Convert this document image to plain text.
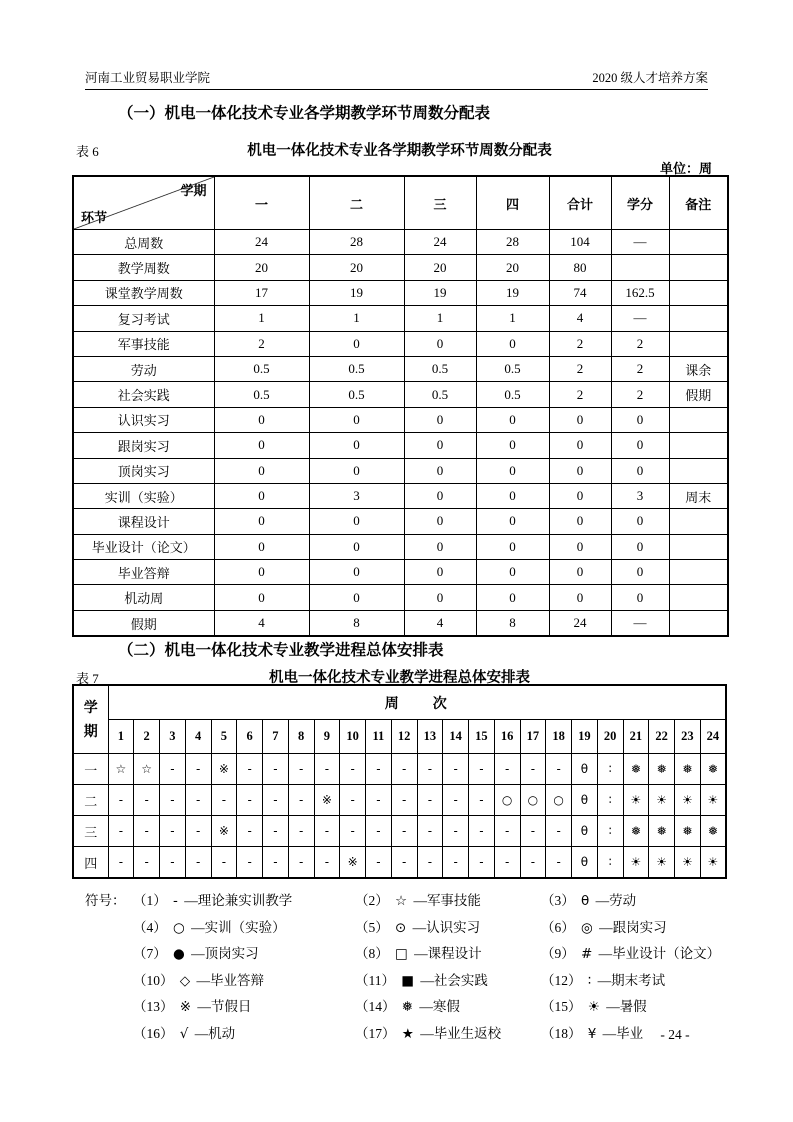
河南工业贸易职业学院	2020 级人才培养方案
（一）机电一体化技术专业各学期教学环节周数分配表
表 6	机电一体化技术专业各学期教学环节周数分配表
单位：周
学期
环节	一	二	三	四	合计	学分	备注
总周数	24	28	24	28	104	—	
教学周数	20	20	20	20	80		
课堂教学周数	17	19	19	19	74	162.5	
复习考试	1	1	1	1	4	—	
军事技能	2	0	0	0	2	2	
劳动	0.5	0.5	0.5	0.5	2	2	课余
社会实践	0.5	0.5	0.5	0.5	2	2	假期
认识实习	0	0	0	0	0	0	
跟岗实习	0	0	0	0	0	0	
顶岗实习	0	0	0	0	0	0	
实训（实验）	0	3	0	0	0	3	周末
课程设计	0	0	0	0	0	0	
毕业设计（论文）	0	0	0	0	0	0	
毕业答辩	0	0	0	0	0	0	
机动周	0	0	0	0	0	0	
假期	4	8	4	8	24	—	
（二）机电一体化技术专业教学进程总体安排表
表 7	机电一体化技术专业教学进程总体安排表
学期	周　　次																							
	1	2	3	4	5	6	7	8	9	10	11	12	13	14	15	16	17	18	19	20	21	22	23	24
一	☆	☆	-	-	※	-	-	-	-	-	-	-	-	-	-	-	-	-	θ	∶	❅	❅	❅	❅
二	-	-	-	-	-	-	-	-	※	-	-	-	-	-	-	○	○	○	θ	∶	☀	☀	☀	☀
三	-	-	-	-	※	-	-	-	-	-	-	-	-	-	-	-	-	-	θ	∶	❅	❅	❅	❅
四	-	-	-	-	-	-	-	-	-	※	-	-	-	-	-	-	-	-	θ	∶	☀	☀	☀	☀
符号： （1） - —理论兼实训教学	（2） ☆ —军事技能	（3） θ —劳动
（4） ○ —实训（实验）	（5） ⊙ —认识实习	（6） ◎ —跟岗实习
（7） ● —顶岗实习	（8） □ —课程设计	（9） # —毕业设计（论文）
（10） ◇ —毕业答辩	（11） ■ —社会实践	（12） ∶ —期末考试
（13） ※ —节假日	（14） ❅ —寒假	（15） ☀ —暑假
（16） √ —机动	（17） ★ —毕业生返校	（18） ¥ —毕业	- 24 -
